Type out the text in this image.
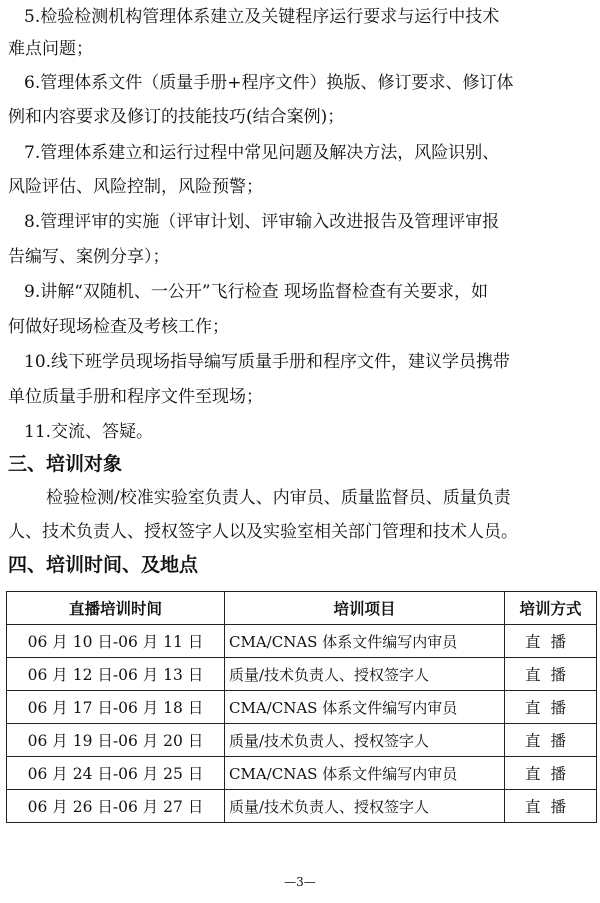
5.检验检测机构管理体系建立及关键程序运行要求与运行中技术
难点问题；
6.管理体系文件（质量手册+程序文件）换版、修订要求、修订体
例和内容要求及修订的技能技巧(结合案例)；
7.管理体系建立和运行过程中常见问题及解决方法，风险识别、
风险评估、风险控制，风险预警；
8.管理评审的实施（评审计划、评审输入改进报告及管理评审报
告编写、案例分享）；
9.讲解“双随机、一公开”飞行检查 现场监督检查有关要求，如
何做好现场检查及考核工作；
10.线下班学员现场指导编写质量手册和程序文件，建议学员携带
单位质量手册和程序文件至现场；
11.交流、答疑。
三、培训对象
检验检测/校准实验室负责人、内审员、质量监督员、质量负责
人、技术负责人、授权签字人以及实验室相关部门管理和技术人员。
四、培训时间、及地点
直播培训时间	培训项目	培训方式
06 月 10 日-06 月 11 日	CMA/CNAS 体系文件编写内审员	直播
06 月 12 日-06 月 13 日	质量/技术负责人、授权签字人	直播
06 月 17 日-06 月 18 日	CMA/CNAS 体系文件编写内审员	直播
06 月 19 日-06 月 20 日	质量/技术负责人、授权签字人	直播
06 月 24 日-06 月 25 日	CMA/CNAS 体系文件编写内审员	直播
06 月 26 日-06 月 27 日	质量/技术负责人、授权签字人	直播
—3—
